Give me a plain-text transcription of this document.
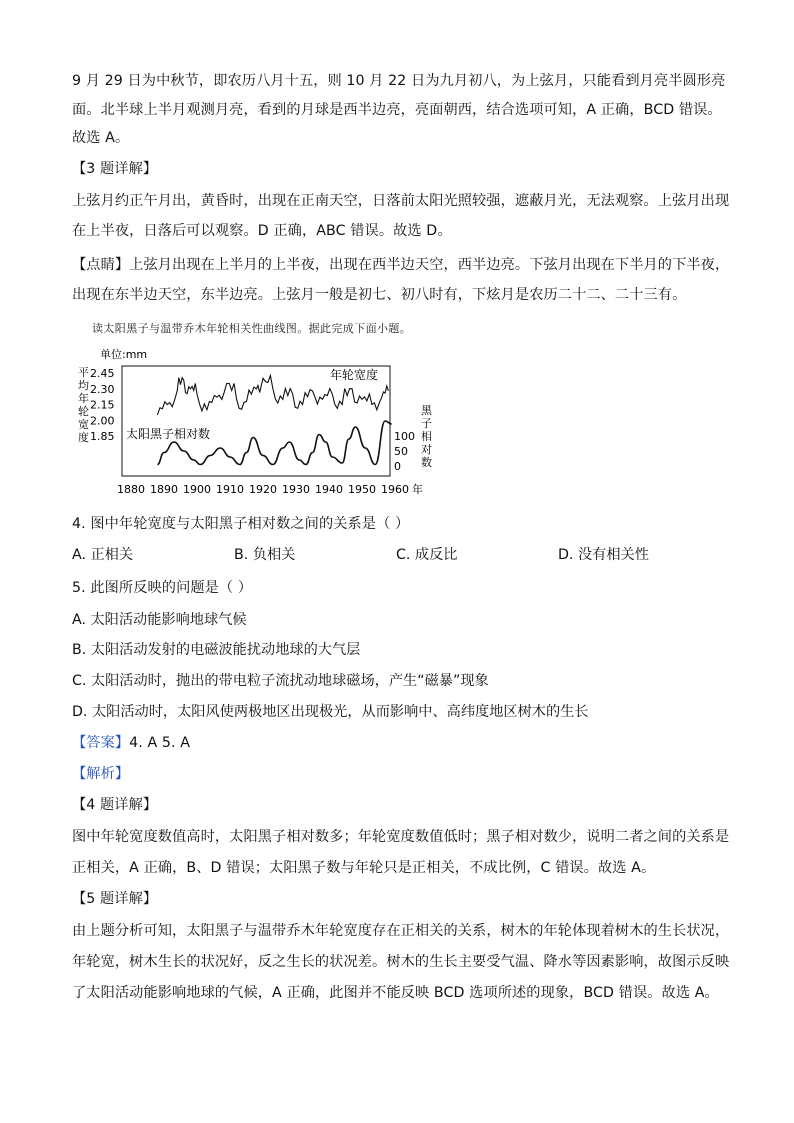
9 月 29 日为中秋节，即农历八月十五，则 10 月 22 日为九月初八，为上弦月，只能看到月亮半圆形亮
面。北半球上半月观测月亮，看到的月球是西半边亮，亮面朝西，结合选项可知，A 正确，BCD 错误。
故选 A。
【3 题详解】
上弦月约正午月出，黄昏时，出现在正南天空，日落前太阳光照较强，遮蔽月光，无法观察。上弦月出现
在上半夜，日落后可以观察。D 正确，ABC 错误。故选 D。
【点睛】上弦月出现在上半月的上半夜，出现在西半边天空，西半边亮。下弦月出现在下半月的下半夜，
出现在东半边天空，东半边亮。上弦月一般是初七、初八时有，下炫月是农历二十二、二十三有。
读太阳黑子与温带乔木年轮相关性曲线图。据此完成下面小题。
单位:mm
平均年轮宽度
2.45
2.30
2.15
2.00
1.85	100
50
0
黑子相对数
1880 1890 1900 1910 1920 1930 1940 1950 1960 年
年轮宽度
太阳黑子相对数
4. 图中年轮宽度与太阳黑子相对数之间的关系是（ ）
A. 正相关	B. 负相关	C. 成反比	D. 没有相关性
5. 此图所反映的问题是（ ）
A. 太阳活动能影响地球气候
B. 太阳活动发射的电磁波能扰动地球的大气层
C. 太阳活动时，抛出的带电粒子流扰动地球磁场，产生“磁暴”现象
D. 太阳活动时，太阳风使两极地区出现极光，从而影响中、高纬度地区树木的生长
【答案】4. A 5. A
【解析】
【4 题详解】
图中年轮宽度数值高时，太阳黑子相对数多；年轮宽度数值低时；黑子相对数少，说明二者之间的关系是
正相关，A 正确，B、D 错误；太阳黑子数与年轮只是正相关，不成比例，C 错误。故选 A。
【5 题详解】
由上题分析可知，太阳黑子与温带乔木年轮宽度存在正相关的关系，树木的年轮体现着树木的生长状况，
年轮宽，树木生长的状况好，反之生长的状况差。树木的生长主要受气温、降水等因素影响，故图示反映
了太阳活动能影响地球的气候，A 正确，此图并不能反映 BCD 选项所述的现象，BCD 错误。故选 A。
